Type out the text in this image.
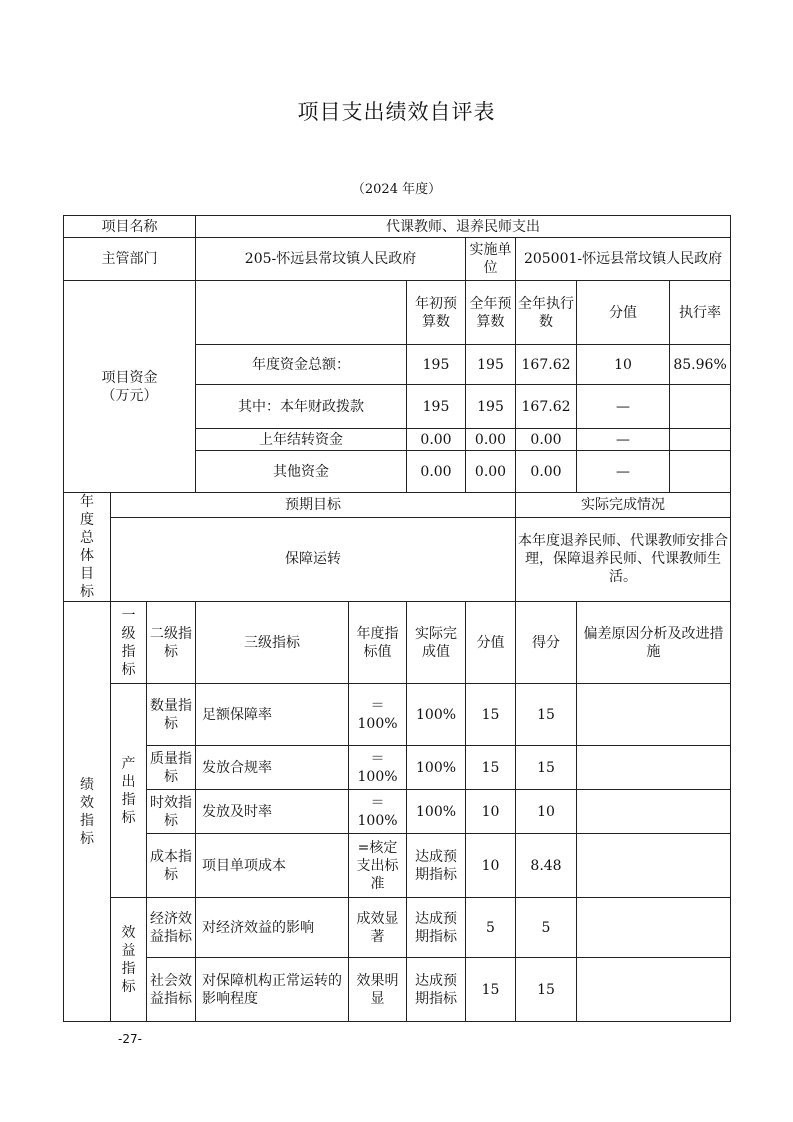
项目支出绩效自评表
（2024 年度）
项目名称			代课教师、退养民师支出						
主管部门			205-怀远县常坟镇人民政府			实施单位	205001-怀远县常坟镇人民政府		
项目资金（万元）					年初预算数	全年预算数	全年执行数	分值	执行率
			年度资金总额：		195	195	167.62	10	85.96%
			其中：本年财政拨款		195	195	167.62	—	
			上年结转资金		0.00	0.00	0.00	—	
			其他资金		0.00	0.00	0.00	—	
年度总体目标	预期目标						实际完成情况		
	保障运转						本年度退养民师、代课教师安排合理，保障退养民师、代课教师生活。		
绩效指标	一级指标	二级指标	三级指标	年度指标值	实际完成值	分值	得分	偏差原因分析及改进措施	
	产出指标	数量指标	足额保障率	＝100%	100%	15	15		
		质量指标	发放合规率	＝100%	100%	15	15		
		时效指标	发放及时率	＝100%	100%	10	10		
		成本指标	项目单项成本	=核定支出标准	达成预期指标	10	8.48		
	效益指标	经济效益指标	对经济效益的影响	成效显著	达成预期指标	5	5		
		社会效益指标	对保障机构正常运转的影响程度	效果明显	达成预期指标	15	15		
-27-
